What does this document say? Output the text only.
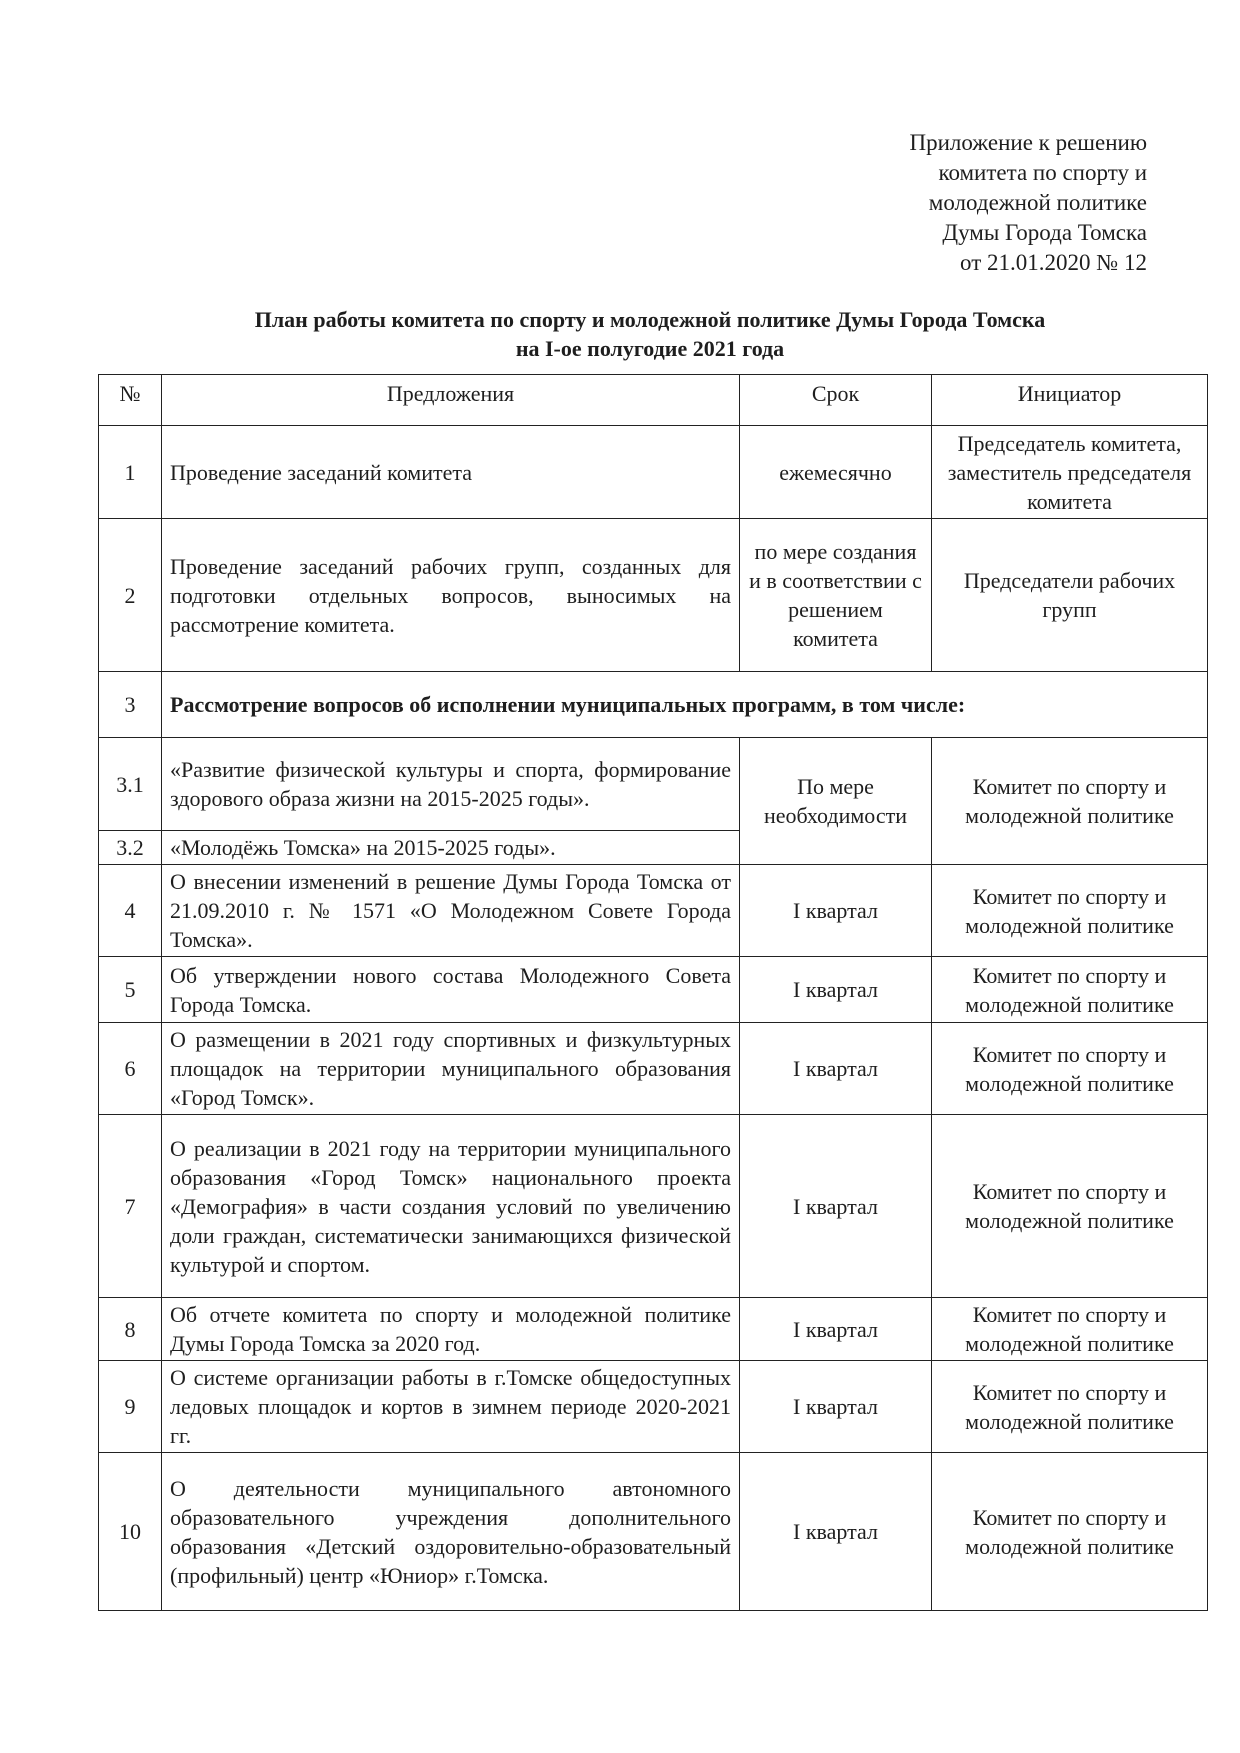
Приложение к решению
комитета по спорту и
молодежной политике
Думы Города Томска
от 21.01.2020 № 12
План работы комитета по спорту и молодежной политике Думы Города Томска
на I-ое полугодие 2021 года
№	Предложения	Срок	Инициатор
1	Проведение заседаний комитета	ежемесячно	Председатель комитета, заместитель председателя комитета
2	Проведение заседаний рабочих групп, созданных для подготовки отдельных вопросов, выносимых на рассмотрение комитета.	по мере создания и в соответствии с решением комитета	Председатели рабочих групп
3	Рассмотрение вопросов об исполнении муниципальных программ, в том числе:		
3.1	«Развитие физической культуры и спорта, формирование здорового образа жизни на 2015-2025 годы».	По мере необходимости	Комитет по спорту и молодежной политике
3.2	«Молодёжь Томска» на 2015-2025 годы».		
4	О внесении изменений в решение Думы Города Томска от 21.09.2010 г. № 1571 «О Молодежном Совете Города Томска».	I квартал	Комитет по спорту и молодежной политике
5	Об утверждении нового состава Молодежного Совета Города Томска.	I квартал	Комитет по спорту и молодежной политике
6	О размещении в 2021 году спортивных и физкультурных площадок на территории муниципального образования «Город Томск».	I квартал	Комитет по спорту и молодежной политике
7	О реализации в 2021 году на территории муниципального образования «Город Томск» национального проекта «Демография» в части создания условий по увеличению доли граждан, систематически занимающихся физической культурой и спортом.	I квартал	Комитет по спорту и молодежной политике
8	Об отчете комитета по спорту и молодежной политике Думы Города Томска за 2020 год.	I квартал	Комитет по спорту и молодежной политике
9	О системе организации работы в г.Томске общедоступных ледовых площадок и кортов в зимнем периоде 2020-2021 гг.	I квартал	Комитет по спорту и молодежной политике
10	О деятельности муниципального автономного образовательного учреждения дополнительного образования «Детский оздоровительно-образовательный (профильный) центр «Юниор» г.Томска.	I квартал	Комитет по спорту и молодежной политике
